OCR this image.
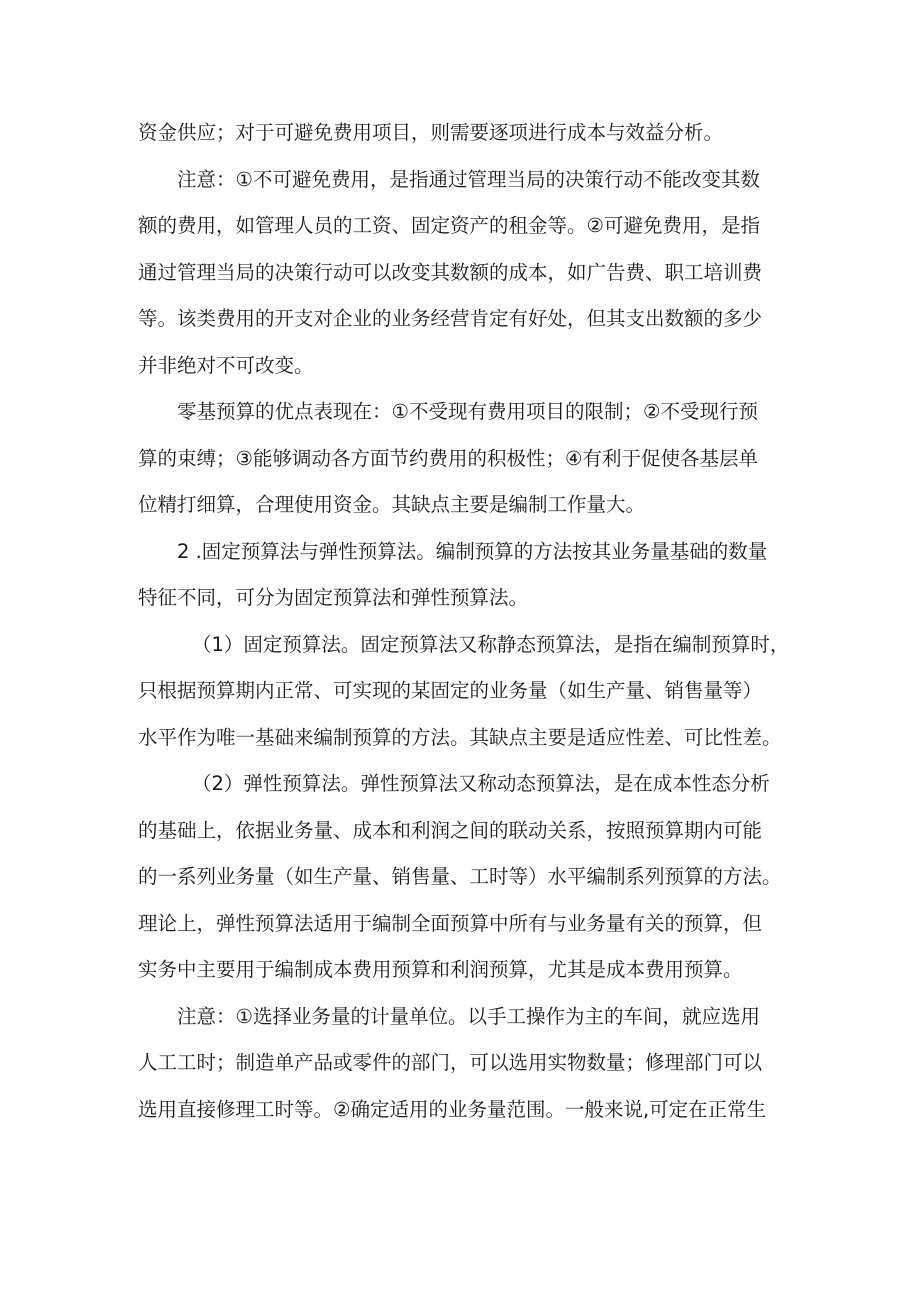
资金供应；对于可避免费用项目，则需要逐项进行成本与效益分析。
注意：①不可避免费用，是指通过管理当局的决策行动不能改变其数
额的费用，如管理人员的工资、固定资产的租金等。②可避免费用，是指
通过管理当局的决策行动可以改变其数额的成本，如广告费、职工培训费
等。该类费用的开支对企业的业务经营肯定有好处，但其支出数额的多少
并非绝对不可改变。
零基预算的优点表现在：①不受现有费用项目的限制；②不受现行预
算的束缚；③能够调动各方面节约费用的积极性；④有利于促使各基层单
位精打细算，合理使用资金。其缺点主要是编制工作量大。
2 .固定预算法与弹性预算法。编制预算的方法按其业务量基础的数量
特征不同，可分为固定预算法和弹性预算法。
（1）固定预算法。固定预算法又称静态预算法，是指在编制预算时，
只根据预算期内正常、可实现的某固定的业务量（如生产量、销售量等）
水平作为唯一基础来编制预算的方法。其缺点主要是适应性差、可比性差。
（2）弹性预算法。弹性预算法又称动态预算法，是在成本性态分析
的基础上，依据业务量、成本和利润之间的联动关系，按照预算期内可能
的一系列业务量（如生产量、销售量、工时等）水平编制系列预算的方法。
理论上，弹性预算法适用于编制全面预算中所有与业务量有关的预算，但
实务中主要用于编制成本费用预算和利润预算，尤其是成本费用预算。
注意：①选择业务量的计量单位。以手工操作为主的车间，就应选用
人工工时；制造单产品或零件的部门，可以选用实物数量；修理部门可以
选用直接修理工时等。②确定适用的业务量范围。一般来说,可定在正常生
